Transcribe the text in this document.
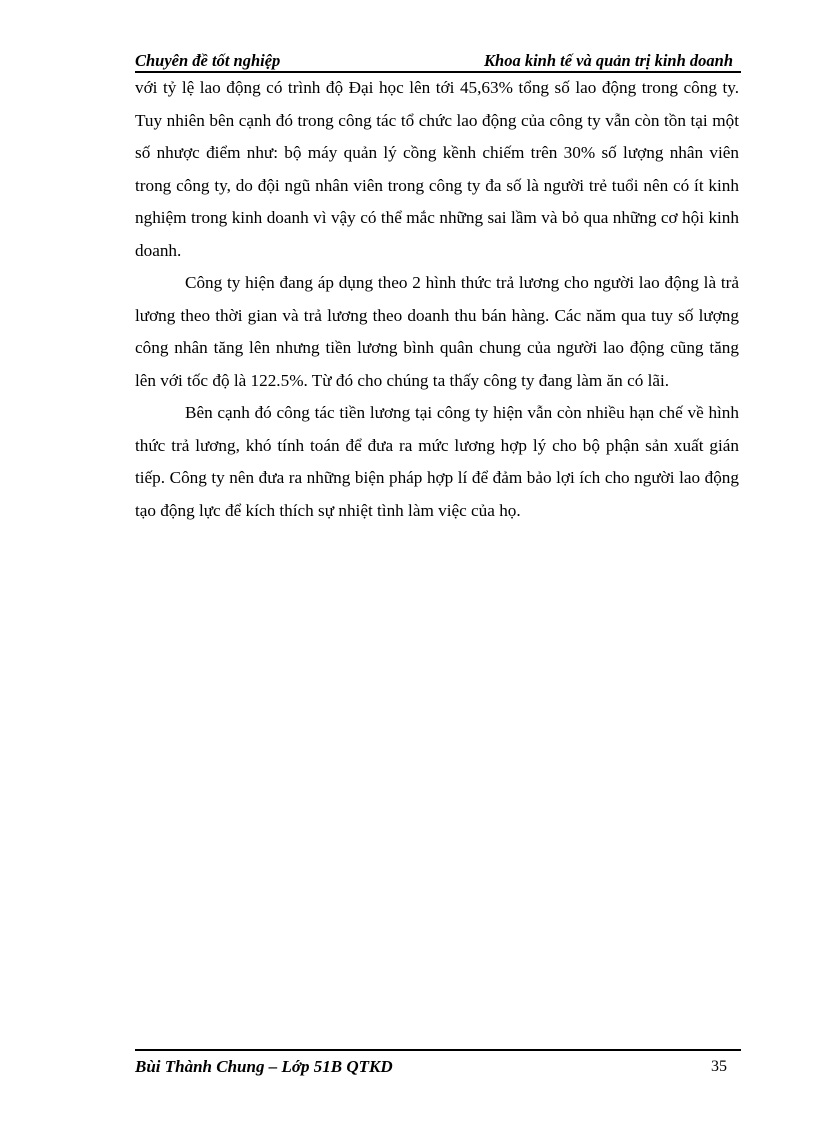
Chuyên đề tốt nghiệp	Khoa kinh tế và quản trị kinh doanh

với tỷ lệ lao động có trình độ Đại học lên tới 45,63% tổng số lao động trong công ty. Tuy nhiên bên cạnh đó trong công tác tổ chức lao động của công ty vẫn còn tồn tại một số nhược điểm như: bộ máy quản lý cồng kềnh chiếm trên 30% số lượng nhân viên trong công ty, do đội ngũ nhân viên trong công ty đa số là người trẻ tuổi nên có ít kinh nghiệm trong kinh doanh vì vậy có thể mắc những sai lầm và bỏ qua những cơ hội kinh doanh.

Công ty hiện đang áp dụng theo 2 hình thức trả lương cho người lao động là trả lương theo thời gian và trả lương theo doanh thu bán hàng. Các năm qua tuy số lượng công nhân tăng lên nhưng tiền lương bình quân chung của người lao động cũng tăng lên với tốc độ là 122.5%. Từ đó cho chúng ta thấy công ty đang làm ăn có lãi.

Bên cạnh đó công tác tiền lương tại công ty hiện vẫn còn nhiều hạn chế về hình thức trả lương, khó tính toán để đưa ra mức lương hợp lý cho bộ phận sản xuất gián tiếp. Công ty nên đưa ra những biện pháp hợp lí để đảm bảo lợi ích cho người lao động tạo động lực để kích thích sự nhiệt tình làm việc của họ.

Bùi Thành Chung – Lớp 51B QTKD	35
